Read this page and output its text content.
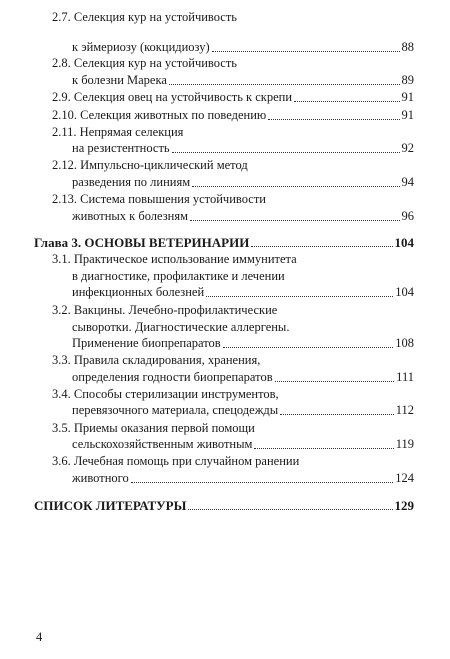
2.7. Селекция кур на устойчивость
к эймериозу (кокцидиозу)	88
2.8. Селекция кур на устойчивость
к болезни Марека	89
2.9. Селекция овец на устойчивость к скрепи	91
2.10. Селекция животных по поведению	91
2.11. Непрямая селекция
на резистентность	92
2.12. Импульсно-циклический метод
разведения по линиям	94
2.13. Система повышения устойчивости
животных к болезням	96
Глава 3. ОСНОВЫ ВЕТЕРИНАРИИ	104
3.1. Практическое использование иммунитета
в диагностике, профилактике и лечении
инфекционных болезней	104
3.2. Вакцины. Лечебно-профилактические
сыворотки. Диагностические аллергены.
Применение биопрепаратов	108
3.3. Правила складирования, хранения,
определения годности биопрепаратов	111
3.4. Способы стерилизации инструментов,
перевязочного материала, спецодежды	112
3.5. Приемы оказания первой помощи
сельскохозяйственным животным	119
3.6. Лечебная помощь при случайном ранении
животного	124
СПИСОК ЛИТЕРАТУРЫ	129
4
